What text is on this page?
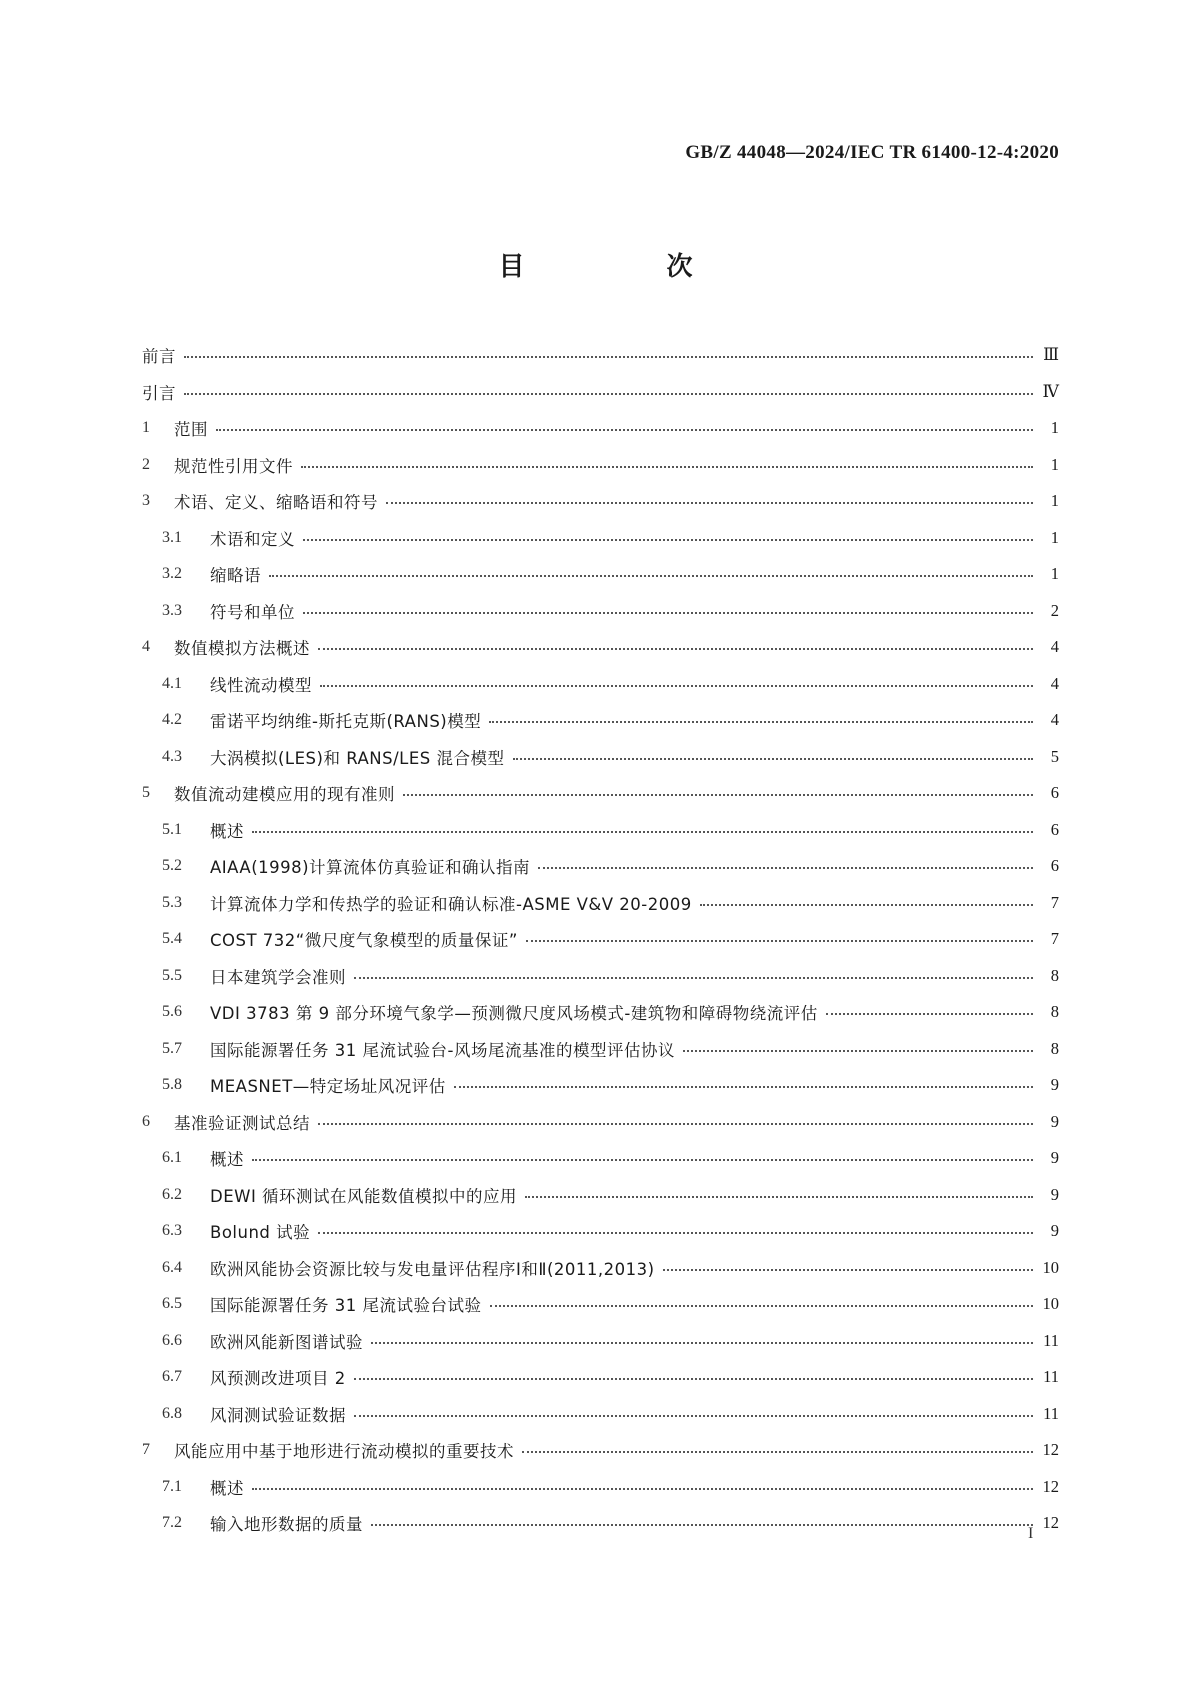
GB/Z 44048—2024/IEC TR 61400-12-4:2020
目　次
前言	Ⅲ
引言	Ⅳ
1	范围	1
2	规范性引用文件	1
3	术语、定义、缩略语和符号	1
3.1	术语和定义	1
3.2	缩略语	1
3.3	符号和单位	2
4	数值模拟方法概述	4
4.1	线性流动模型	4
4.2	雷诺平均纳维-斯托克斯(RANS)模型	4
4.3	大涡模拟(LES)和 RANS/LES 混合模型	5
5	数值流动建模应用的现有准则	6
5.1	概述	6
5.2	AIAA(1998)计算流体仿真验证和确认指南	6
5.3	计算流体力学和传热学的验证和确认标准-ASME V&V 20-2009	7
5.4	COST 732“微尺度气象模型的质量保证”	7
5.5	日本建筑学会准则	8
5.6	VDI 3783 第 9 部分环境气象学—预测微尺度风场模式-建筑物和障碍物绕流评估	8
5.7	国际能源署任务 31 尾流试验台-风场尾流基准的模型评估协议	8
5.8	MEASNET—特定场址风况评估	9
6	基准验证测试总结	9
6.1	概述	9
6.2	DEWI 循环测试在风能数值模拟中的应用	9
6.3	Bolund 试验	9
6.4	欧洲风能协会资源比较与发电量评估程序Ⅰ和Ⅱ(2011,2013)	10
6.5	国际能源署任务 31 尾流试验台试验	10
6.6	欧洲风能新图谱试验	11
6.7	风预测改进项目 2	11
6.8	风洞测试验证数据	11
7	风能应用中基于地形进行流动模拟的重要技术	12
7.1	概述	12
7.2	输入地形数据的质量	12
I
